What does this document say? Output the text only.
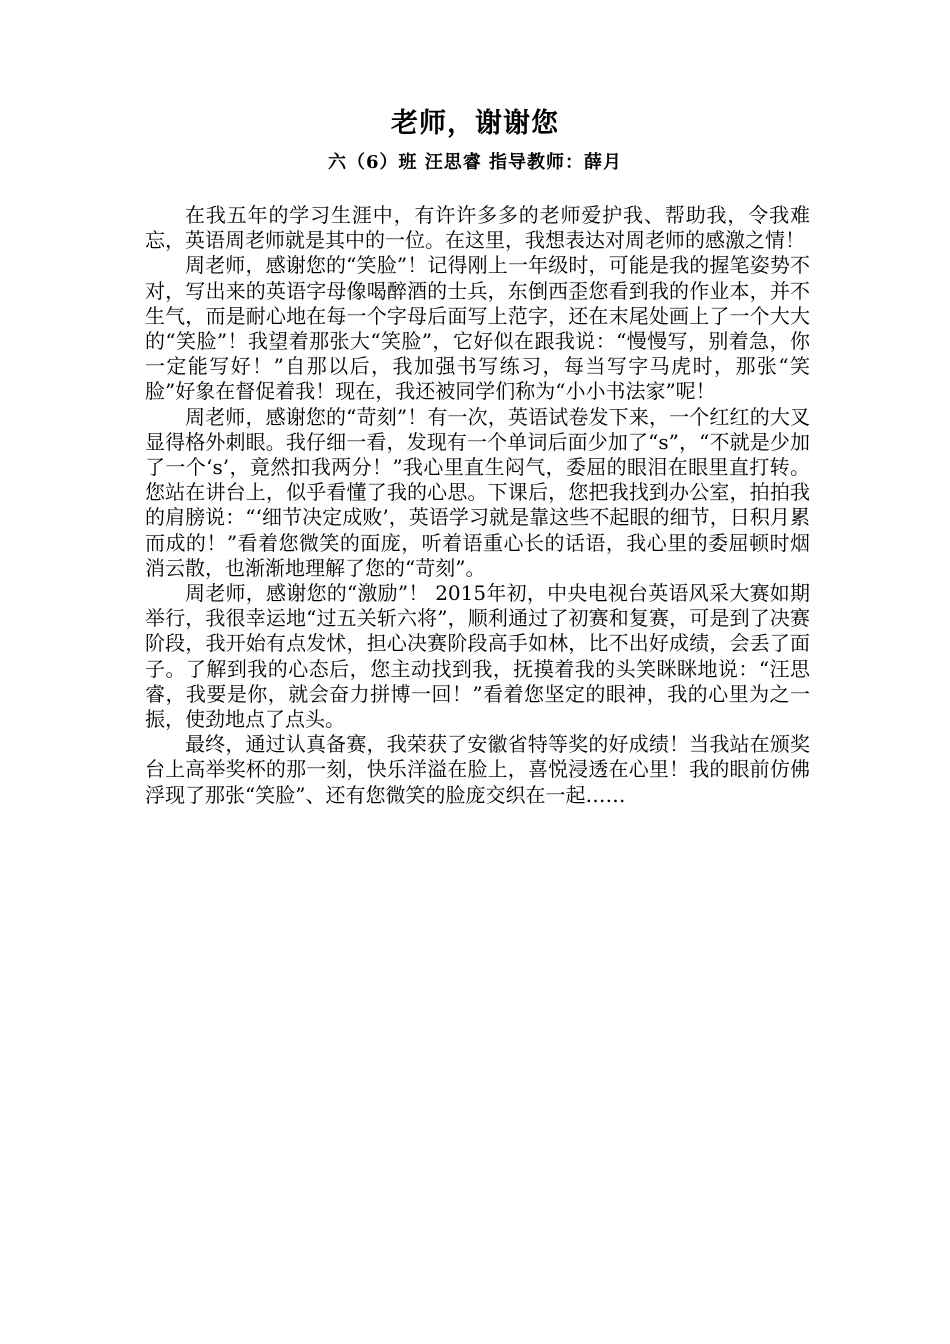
老师，谢谢您
六（6）班 汪思睿 指导教师：薛月

在我五年的学习生涯中，有许许多多的老师爱护我、帮助我，令我难忘，英语周老师就是其中的一位。在这里，我想表达对周老师的感激之情！

周老师，感谢您的“笑脸”！记得刚上一年级时，可能是我的握笔姿势不对，写出来的英语字母像喝醉酒的士兵，东倒西歪您看到我的作业本，并不生气，而是耐心地在每一个字母后面写上范字，还在末尾处画上了一个大大的“笑脸”！我望着那张大“笑脸”，它好似在跟我说：“慢慢写，别着急，你一定能写好！”自那以后，我加强书写练习，每当写字马虎时，那张“笑脸”好象在督促着我！现在，我还被同学们称为“小小书法家”呢！

周老师，感谢您的“苛刻”！有一次，英语试卷发下来，一个红红的大叉显得格外刺眼。我仔细一看，发现有一个单词后面少加了“s”，“不就是少加了一个‘s’，竟然扣我两分！”我心里直生闷气，委屈的眼泪在眼里直打转。您站在讲台上，似乎看懂了我的心思。下课后，您把我找到办公室，拍拍我的肩膀说：“‘细节决定成败’，英语学习就是靠这些不起眼的细节，日积月累而成的！”看着您微笑的面庞，听着语重心长的话语，我心里的委屈顿时烟消云散，也渐渐地理解了您的“苛刻”。

周老师，感谢您的“激励”！ 2015年初，中央电视台英语风采大赛如期举行，我很幸运地“过五关斩六将”，顺利通过了初赛和复赛，可是到了决赛阶段，我开始有点发怵，担心决赛阶段高手如林，比不出好成绩，会丢了面子。了解到我的心态后，您主动找到我，抚摸着我的头笑眯眯地说：“汪思睿，我要是你，就会奋力拼博一回！”看着您坚定的眼神，我的心里为之一振，使劲地点了点头。

最终，通过认真备赛，我荣获了安徽省特等奖的好成绩！当我站在颁奖台上高举奖杯的那一刻，快乐洋溢在脸上，喜悦浸透在心里！我的眼前仿佛浮现了那张“笑脸”、还有您微笑的脸庞交织在一起……
